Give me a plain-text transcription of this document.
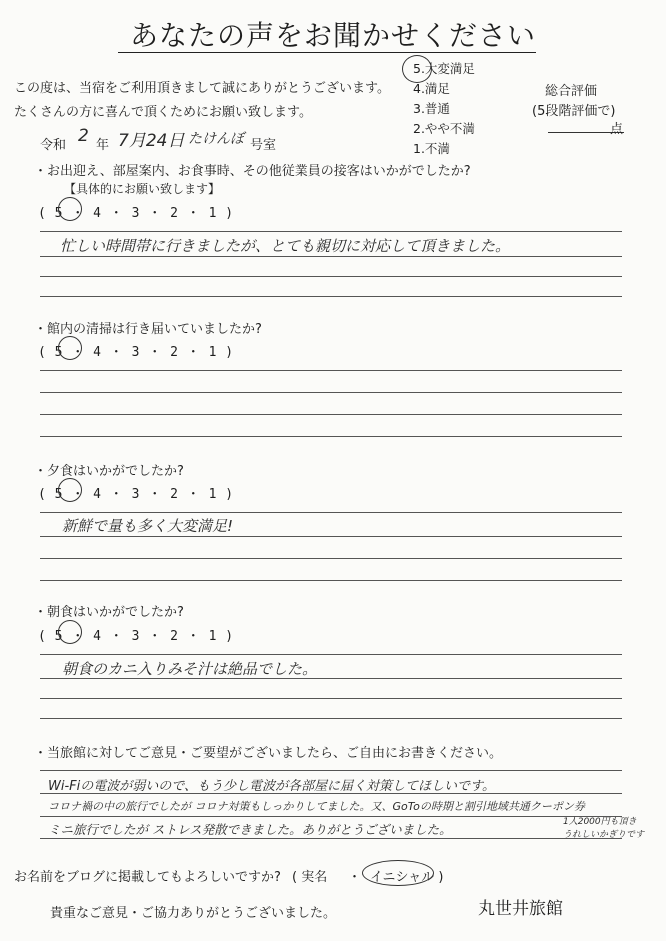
あなたの声をお聞かせください
この度は、当宿をご利用頂きまして誠にありがとうございます。
たくさんの方に喜んで頂くためにお願い致します。
5.大変満足
4.満足
3.普通
2.やや不満
1.不満
総合評価
(5段階評価で)
点
令和 2 年 7月24日 たけんぼ 号室
・お出迎え、部屋案内、お食事時、その他従業員の接客はいかがでしたか?
【具体的にお願い致します】
( 5 ・ 4 ・ 3 ・ 2 ・ 1 )
忙しい時間帯に行きましたが、とても親切に対応して頂きました。
・館内の清掃は行き届いていましたか?
( 5 ・ 4 ・ 3 ・ 2 ・ 1 )
・夕食はいかがでしたか?
( 5 ・ 4 ・ 3 ・ 2 ・ 1 )
新鮮で量も多く大変満足!
・朝食はいかがでしたか?
( 5 ・ 4 ・ 3 ・ 2 ・ 1 )
朝食のカニ入りみそ汁は絶品でした。
・当旅館に対してご意見・ご要望がございましたら、ご自由にお書きください。
Wi-Fiの電波が弱いので、もう少し電波が各部屋に届く対策してほしいです。
コロナ禍の中の旅行でしたが コロナ対策もしっかりしてました。又、GoToの時期と割引地域共通クーポン券
ミニ旅行でしたが ストレス発散できました。ありがとうございました。	1人2000円も頂き
うれしいかぎりです
お名前をブログに掲載してもよろしいですか? ( 実名 ・ イニシャル )
貴重なご意見・ご協力ありがとうございました。	丸世井旅館
